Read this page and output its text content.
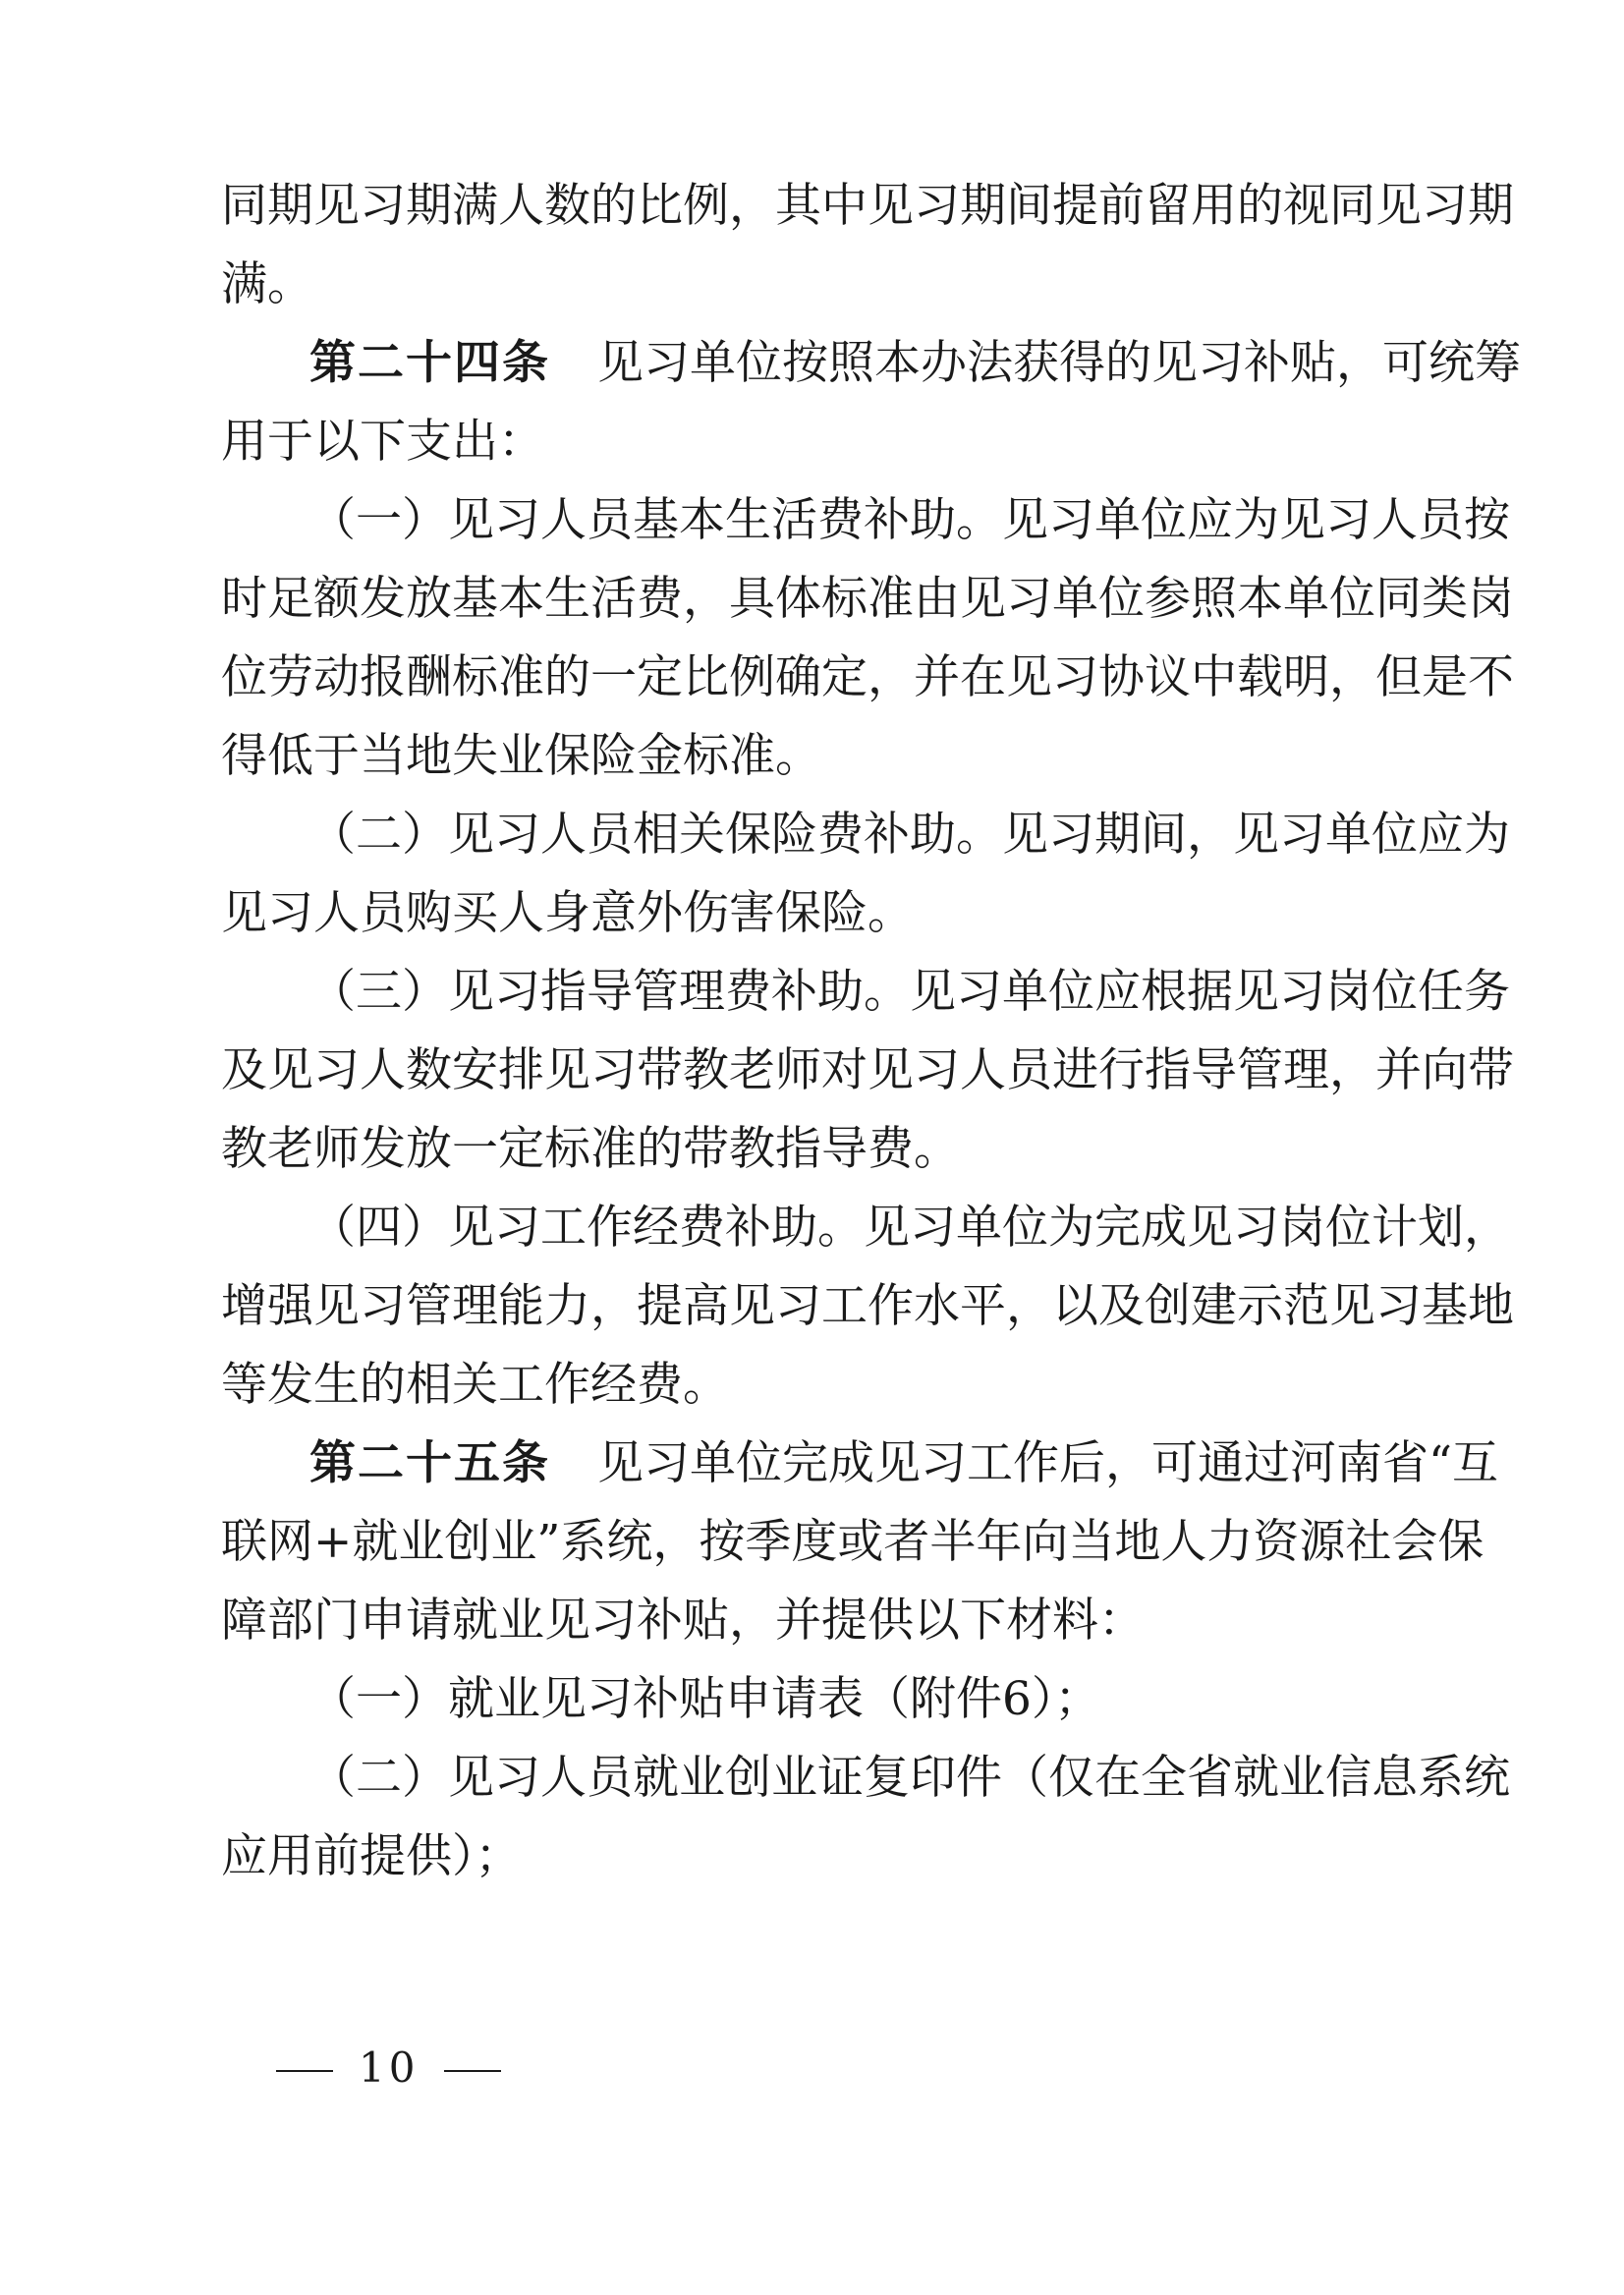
同期见习期满人数的比例，其中见习期间提前留用的视同见习期
满。
第二十四条 见习单位按照本办法获得的见习补贴，可统筹
用于以下支出：
（一）见习人员基本生活费补助。见习单位应为见习人员按
时足额发放基本生活费，具体标准由见习单位参照本单位同类岗
位劳动报酬标准的一定比例确定，并在见习协议中载明，但是不
得低于当地失业保险金标准。
（二）见习人员相关保险费补助。见习期间，见习单位应为
见习人员购买人身意外伤害保险。
（三）见习指导管理费补助。见习单位应根据见习岗位任务
及见习人数安排见习带教老师对见习人员进行指导管理，并向带
教老师发放一定标准的带教指导费。
（四）见习工作经费补助。见习单位为完成见习岗位计划，
增强见习管理能力，提高见习工作水平，以及创建示范见习基地
等发生的相关工作经费。
第二十五条 见习单位完成见习工作后，可通过河南省“互
联网+就业创业”系统，按季度或者半年向当地人力资源社会保
障部门申请就业见习补贴，并提供以下材料：
（一）就业见习补贴申请表（附件6）；
（二）见习人员就业创业证复印件（仅在全省就业信息系统
应用前提供）；
10
